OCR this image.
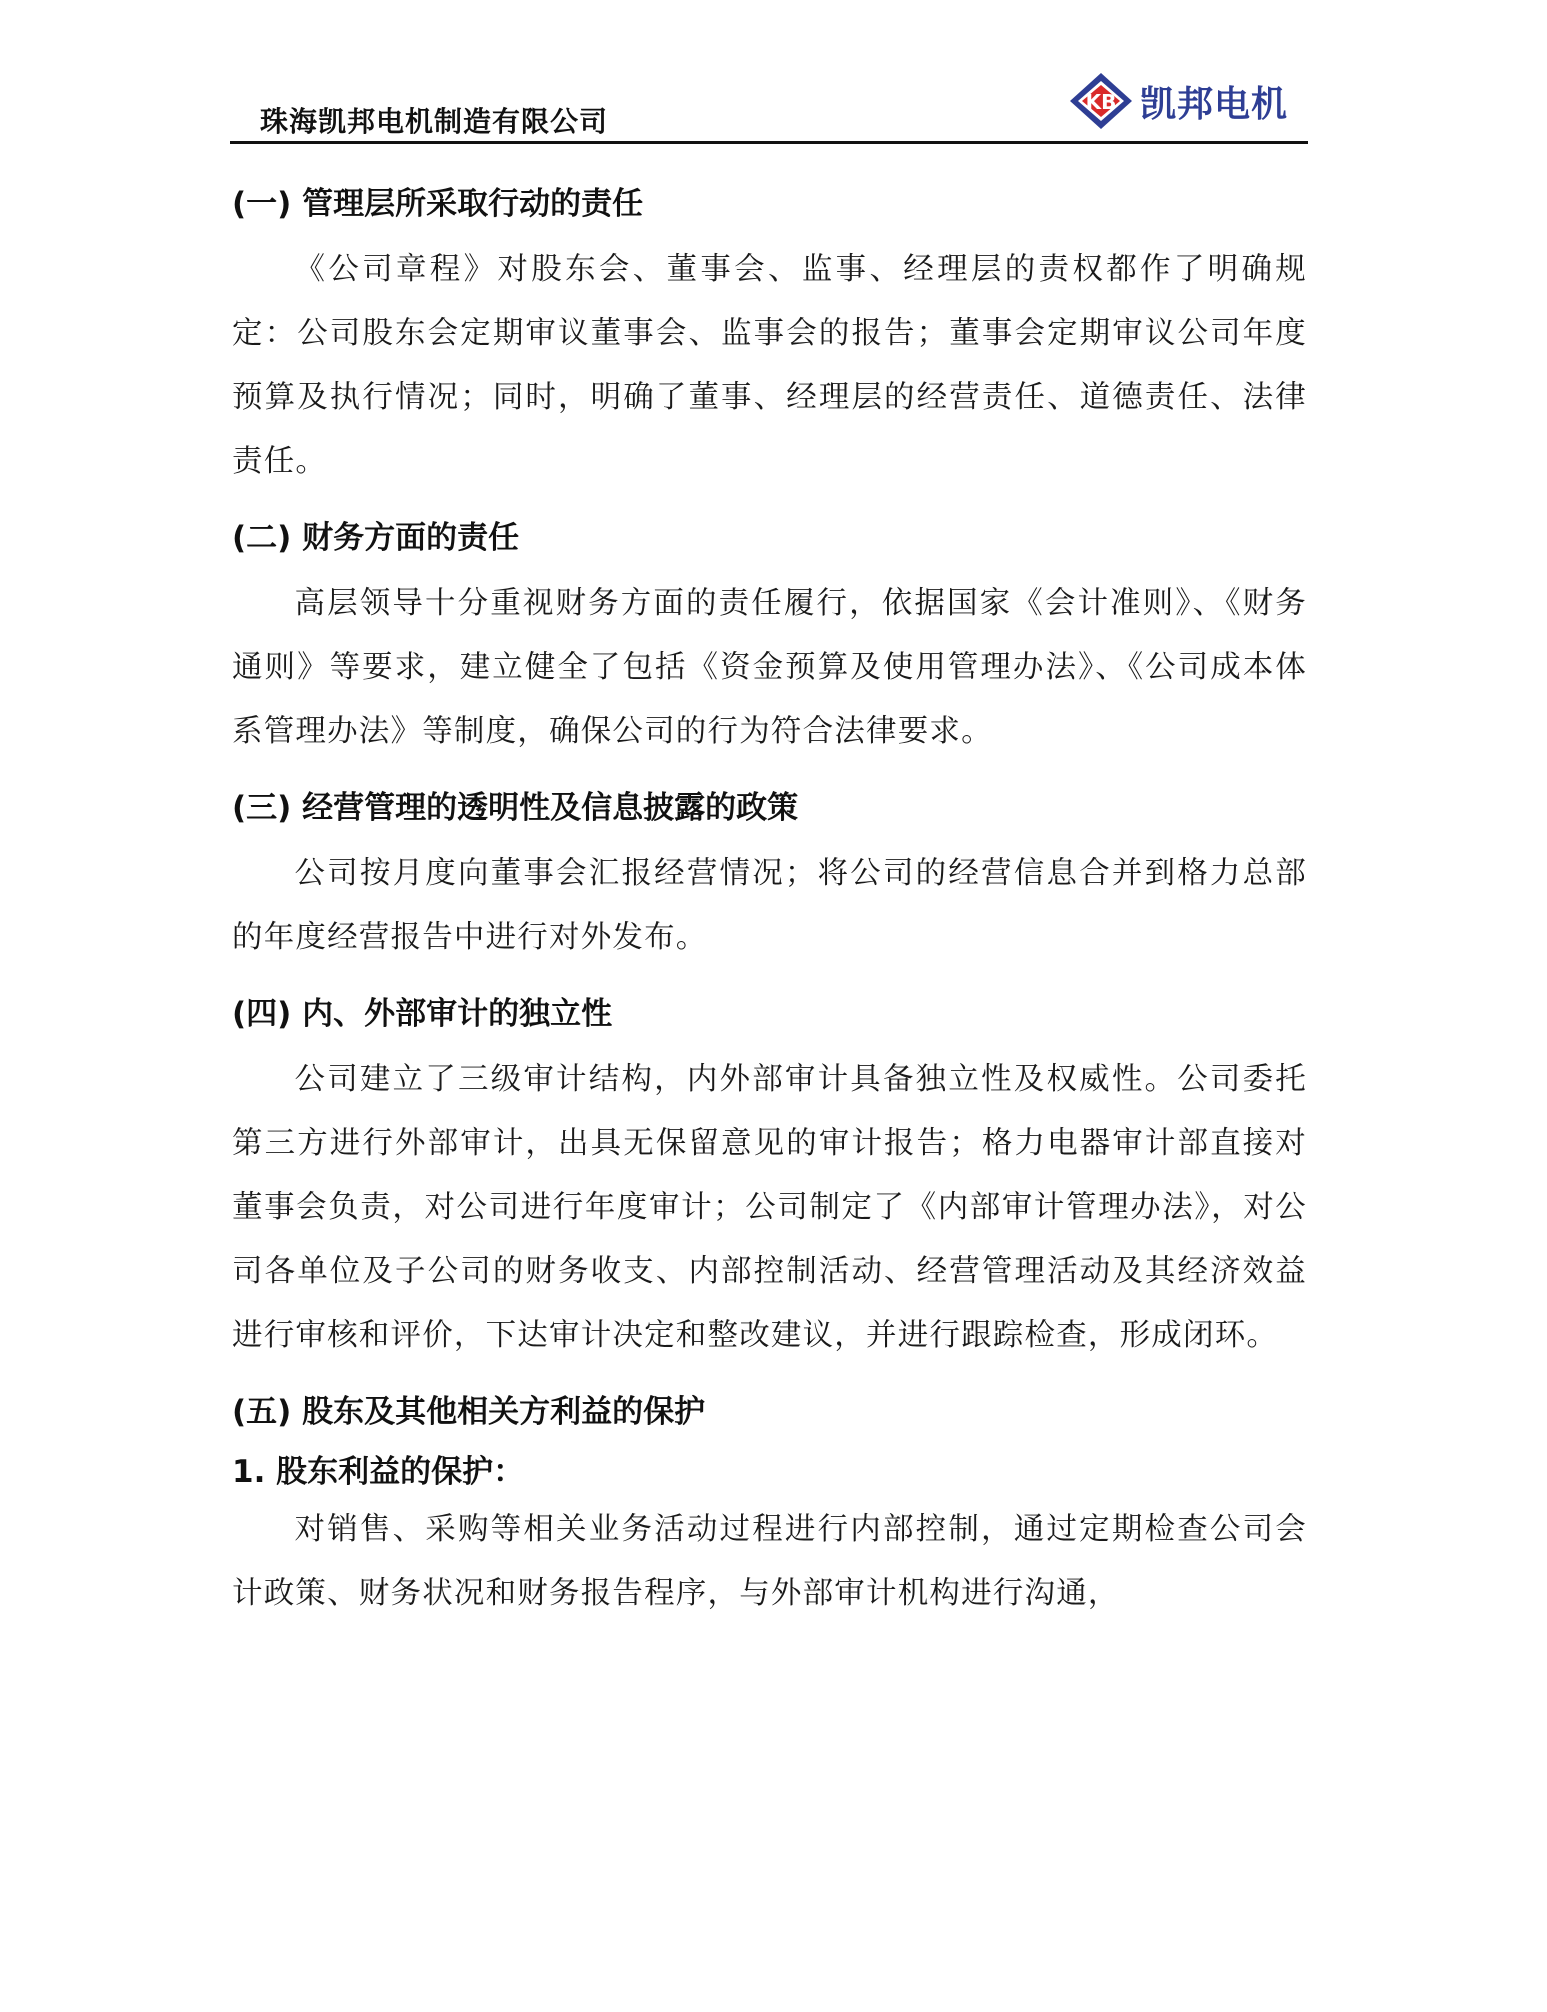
珠海凯邦电机制造有限公司
KB 凯邦电机
(一) 管理层所采取行动的责任

《公司章程》对股东会、董事会、监事、经理层的责权都作了明确规定：公司股东会定期审议董事会、监事会的报告；董事会定期审议公司年度预算及执行情况；同时，明确了董事、经理层的经营责任、道德责任、法律责任。

(二) 财务方面的责任

高层领导十分重视财务方面的责任履行，依据国家《会计准则》、《财务通则》等要求，建立健全了包括《资金预算及使用管理办法》、《公司成本体系管理办法》等制度，确保公司的行为符合法律要求。

(三) 经营管理的透明性及信息披露的政策

公司按月度向董事会汇报经营情况；将公司的经营信息合并到格力总部的年度经营报告中进行对外发布。

(四) 内、外部审计的独立性

公司建立了三级审计结构，内外部审计具备独立性及权威性。公司委托第三方进行外部审计，出具无保留意见的审计报告；格力电器审计部直接对董事会负责，对公司进行年度审计；公司制定了《内部审计管理办法》，对公司各单位及子公司的财务收支、内部控制活动、经营管理活动及其经济效益进行审核和评价，下达审计决定和整改建议，并进行跟踪检查，形成闭环。

(五) 股东及其他相关方利益的保护
1. 股东利益的保护：

对销售、采购等相关业务活动过程进行内部控制，通过定期检查公司会计政策、财务状况和财务报告程序，与外部审计机构进行沟通，
